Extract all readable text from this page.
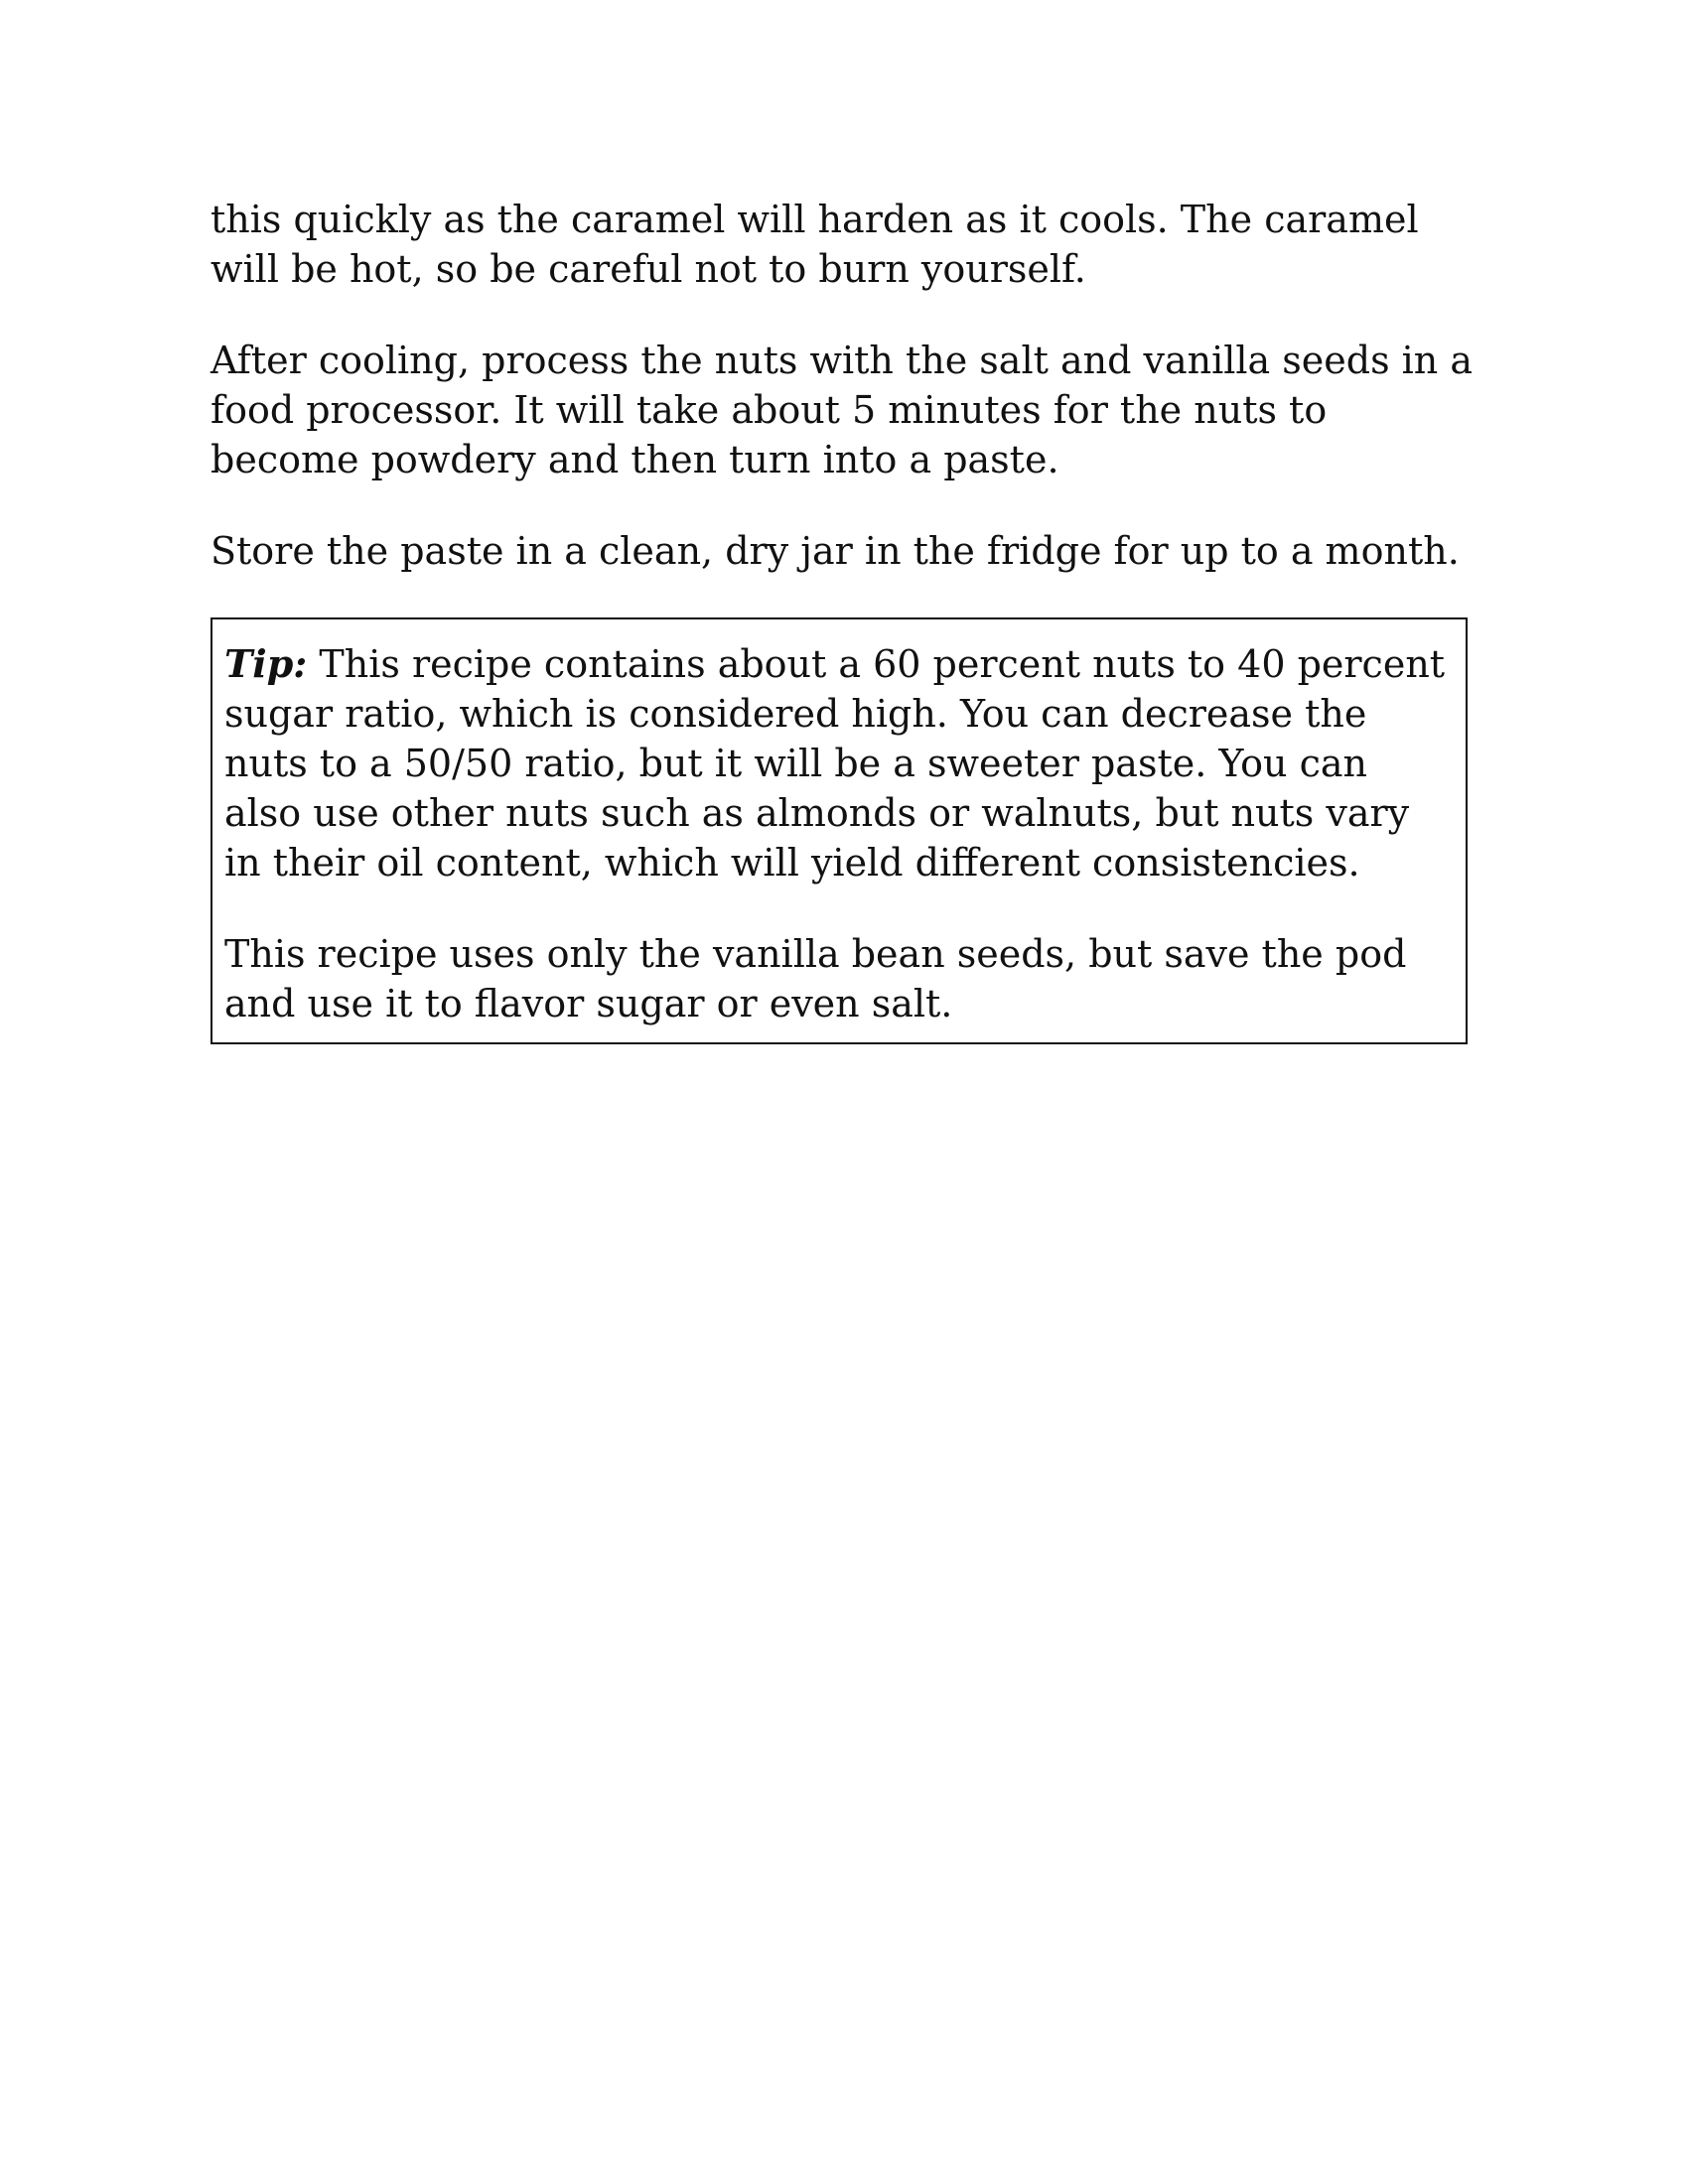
this quickly as the caramel will harden as it cools. The caramel will be hot, so be careful not to burn yourself.

After cooling, process the nuts with the salt and vanilla seeds in a food processor. It will take about 5 minutes for the nuts to become powdery and then turn into a paste.

Store the paste in a clean, dry jar in the fridge for up to a month.

Tip: This recipe contains about a 60 percent nuts to 40 percent sugar ratio, which is considered high. You can decrease the nuts to a 50/50 ratio, but it will be a sweeter paste. You can also use other nuts such as almonds or walnuts, but nuts vary in their oil content, which will yield different consistencies.

This recipe uses only the vanilla bean seeds, but save the pod and use it to flavor sugar or even salt.
